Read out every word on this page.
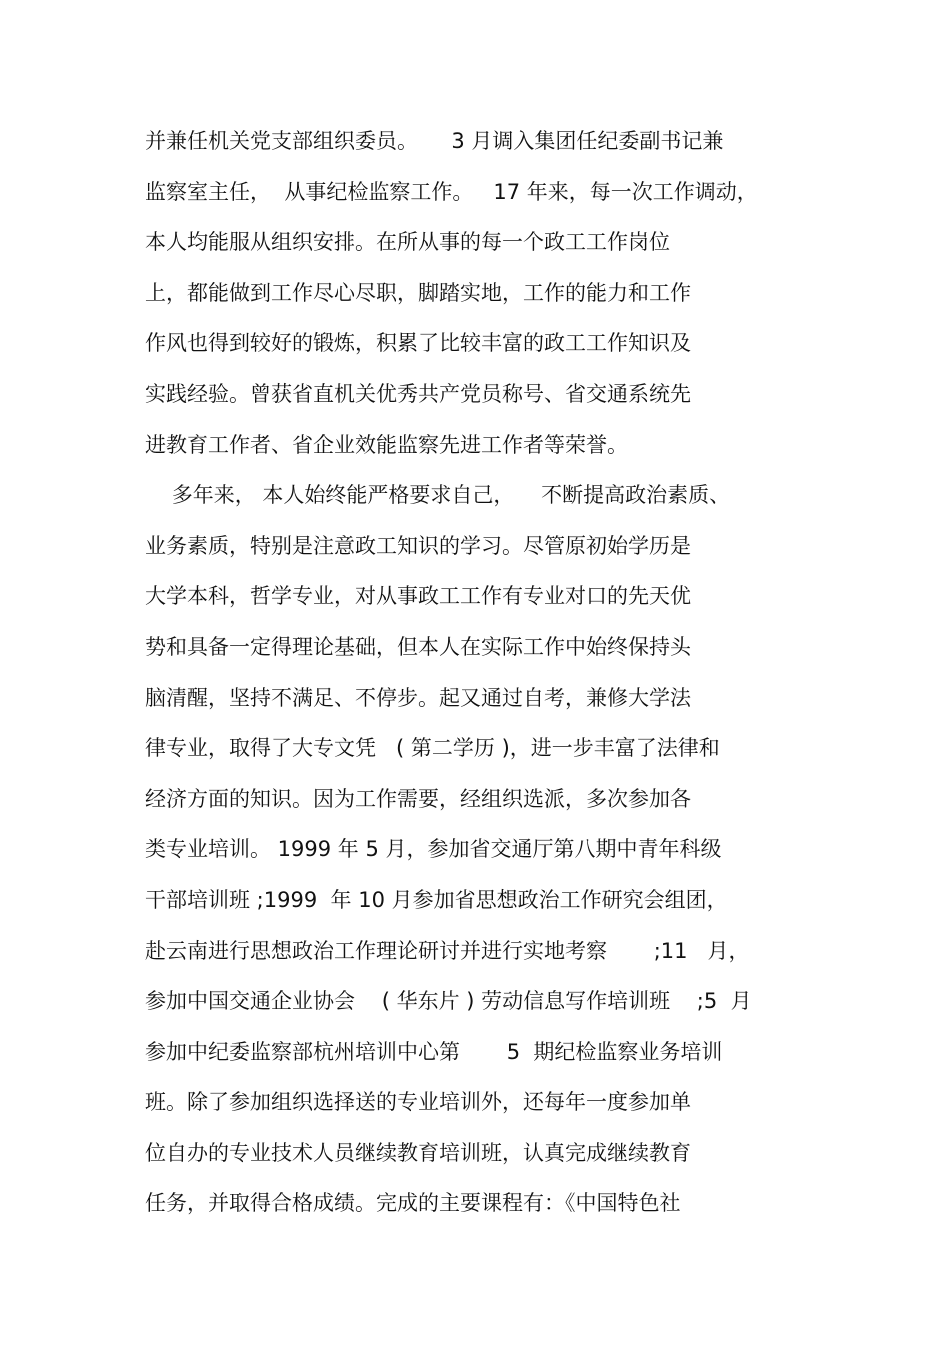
并兼任机关党支部组织委员。     3 月调入集团任纪委副书记兼
监察室主任，  从事纪检监察工作。   17 年来，每一次工作调动，
本人均能服从组织安排。在所从事的每一个政工工作岗位
上，都能做到工作尽心尽职，脚踏实地，工作的能力和工作
作风也得到较好的锻炼，积累了比较丰富的政工工作知识及
实践经验。曾获省直机关优秀共产党员称号、省交通系统先
进教育工作者、省企业效能监察先进工作者等荣誉。
多年来， 本人始终能严格要求自己，    不断提高政治素质、
业务素质，特别是注意政工知识的学习。尽管原初始学历是
大学本科，哲学专业，对从事政工工作有专业对口的先天优
势和具备一定得理论基础，但本人在实际工作中始终保持头
脑清醒，坚持不满足、不停步。起又通过自考，兼修大学法
律专业，取得了大专文凭   ( 第二学历 )，进一步丰富了法律和
经济方面的知识。因为工作需要，经组织选派，多次参加各
类专业培训。 1999 年 5 月，参加省交通厅第八期中青年科级
干部培训班 ;1999  年 10 月参加省思想政治工作研究会组团，
赴云南进行思想政治工作理论研讨并进行实地考察       ;11   月，
参加中国交通企业协会    ( 华东片 ) 劳动信息写作培训班    ;5  月
参加中纪委监察部杭州培训中心第       5  期纪检监察业务培训
班。除了参加组织选择送的专业培训外，还每年一度参加单
位自办的专业技术人员继续教育培训班，认真完成继续教育
任务，并取得合格成绩。完成的主要课程有：《中国特色社
